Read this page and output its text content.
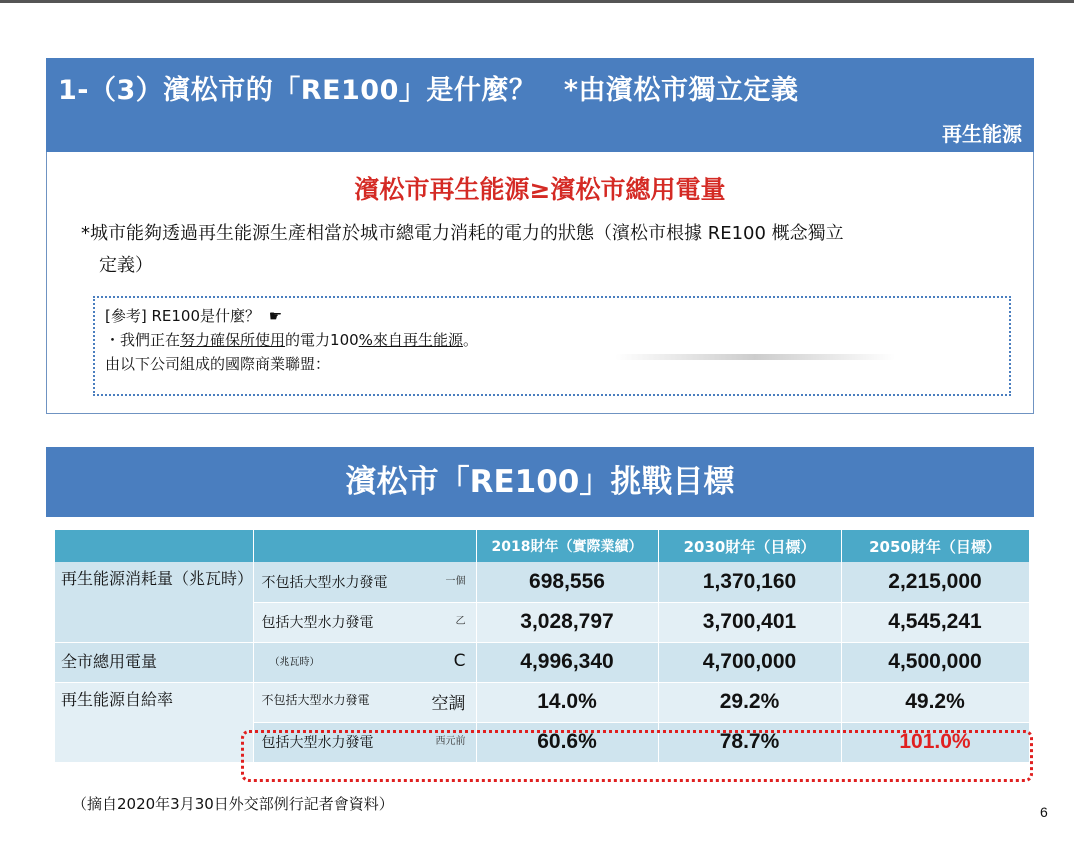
1-（3）濱松市的「RE100」是什麼？　*由濱松市獨立定義
再生能源
濱松市再生能源≥濱松市總用電量
*城市能夠透過再生能源生產相當於城市總電力消耗的電力的狀態（濱松市根據 RE100 概念獨立
定義）
[參考] RE100是什麼？ ☛
・我們正在努力確保所使用的電力100%來自再生能源。
由以下公司組成的國際商業聯盟：
濱松市「RE100」挑戰目標
		2018財年（實際業績）	2030財年（目標）	2050財年（目標）
再生能源消耗量（兆瓦時）	不包括大型水力發電 一個	698,556	1,370,160	2,215,000
	包括大型水力發電 乙	3,028,797	3,700,401	4,545,241
全市總用電量	（兆瓦時） C	4,996,340	4,700,000	4,500,000
再生能源自給率	不包括大型水力發電 空調	14.0%	29.2%	49.2%
	包括大型水力發電 西元前	60.6%	78.7%	101.0%
（摘自2020年3月30日外交部例行記者會資料）	6
